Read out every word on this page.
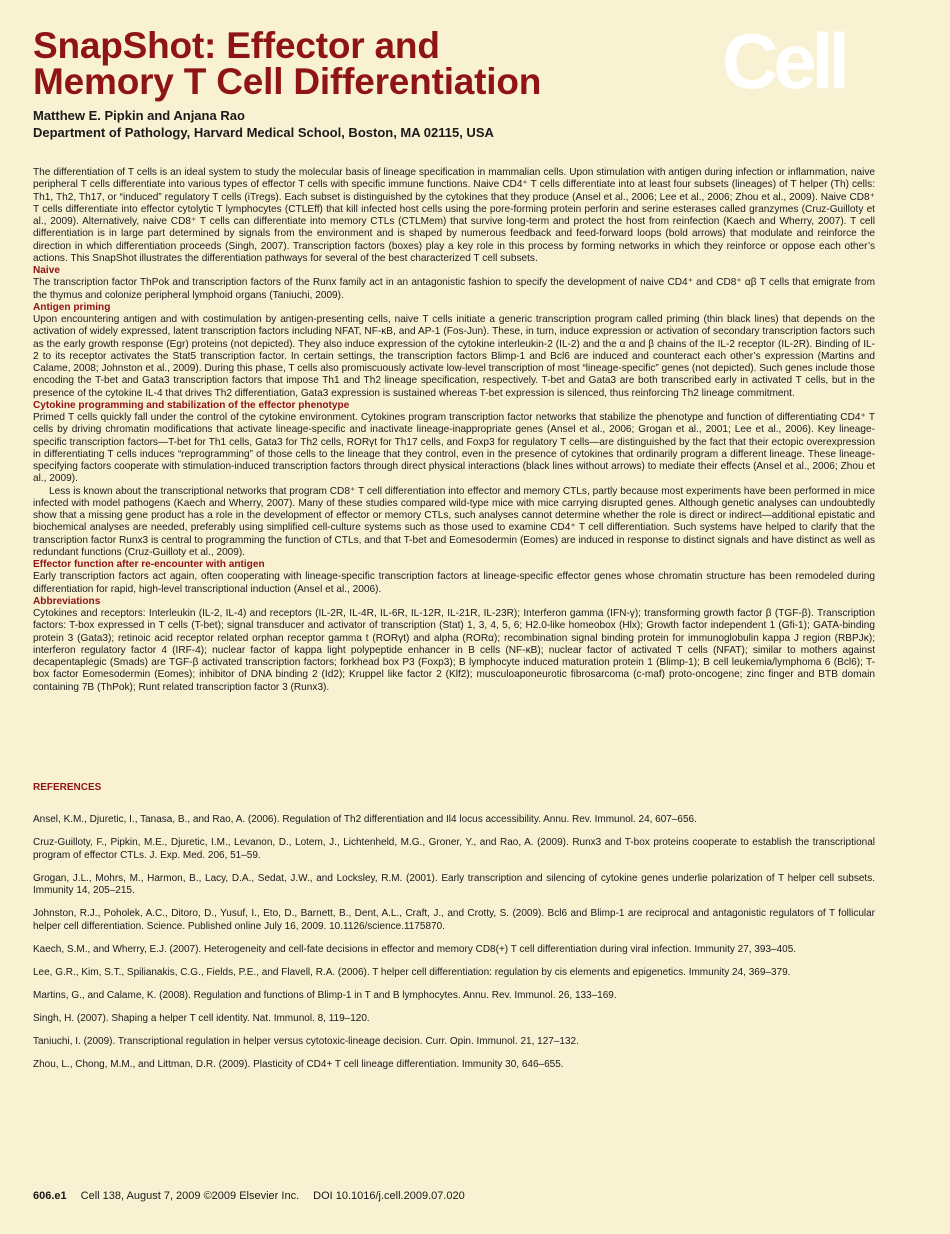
SnapShot: Effector and
Memory T Cell Differentiation Cell
Matthew E. Pipkin and Anjana Rao
Department of Pathology, Harvard Medical School, Boston, MA 02115, USA

The differentiation of T cells is an ideal system to study the molecular basis of lineage specification in mammalian cells. Upon stimulation with antigen during infection or inflammation, naive peripheral T cells differentiate into various types of effector T cells with specific immune functions. Naive CD4⁺ T cells differentiate into at least four subsets (lineages) of T helper (Th) cells: Th1, Th2, Th17, or “induced” regulatory T cells (iTregs). Each subset is distinguished by the cytokines that they produce (Ansel et al., 2006; Lee et al., 2006; Zhou et al., 2009). Naive CD8⁺ T cells differentiate into effector cytolytic T lymphocytes (CTLEff) that kill infected host cells using the pore-forming protein perforin and serine esterases called granzymes (Cruz-Guilloty et al., 2009). Alternatively, naive CD8⁺ T cells can differentiate into memory CTLs (CTLMem) that survive long-term and protect the host from reinfection (Kaech and Wherry, 2007). T cell differentiation is in large part determined by signals from the environment and is shaped by numerous feedback and feed-forward loops (bold arrows) that modulate and reinforce the direction in which differentiation proceeds (Singh, 2007). Transcription factors (boxes) play a key role in this process by forming networks in which they reinforce or oppose each other’s actions. This SnapShot illustrates the differentiation pathways for several of the best characterized T cell subsets.

Naive

The transcription factor ThPok and transcription factors of the Runx family act in an antagonistic fashion to specify the development of naive CD4⁺ and CD8⁺ αβ T cells that emigrate from the thymus and colonize peripheral lymphoid organs (Taniuchi, 2009).

Antigen priming

Upon encountering antigen and with costimulation by antigen-presenting cells, naive T cells initiate a generic transcription program called priming (thin black lines) that depends on the activation of widely expressed, latent transcription factors including NFAT, NF-κB, and AP-1 (Fos-Jun). These, in turn, induce expression or activation of secondary transcription factors such as the early growth response (Egr) proteins (not depicted). They also induce expression of the cytokine interleukin-2 (IL-2) and the α and β chains of the IL-2 receptor (IL-2R). Binding of IL-2 to its receptor activates the Stat5 transcription factor. In certain settings, the transcription factors Blimp-1 and Bcl6 are induced and counteract each other’s expression (Martins and Calame, 2008; Johnston et al., 2009). During this phase, T cells also promiscuously activate low-level transcription of most “lineage-specific” genes (not depicted). Such genes include those encoding the T-bet and Gata3 transcription factors that impose Th1 and Th2 lineage specification, respectively. T-bet and Gata3 are both transcribed early in activated T cells, but in the presence of the cytokine IL-4 that drives Th2 differentiation, Gata3 expression is sustained whereas T-bet expression is silenced, thus reinforcing Th2 lineage commitment.

Cytokine programming and stabilization of the effector phenotype

Primed T cells quickly fall under the control of the cytokine environment. Cytokines program transcription factor networks that stabilize the phenotype and function of differentiating CD4⁺ T cells by driving chromatin modifications that activate lineage-specific and inactivate lineage-inappropriate genes (Ansel et al., 2006; Grogan et al., 2001; Lee et al., 2006). Key lineage-specific transcription factors—T-bet for Th1 cells, Gata3 for Th2 cells, RORγt for Th17 cells, and Foxp3 for regulatory T cells—are distinguished by the fact that their ectopic overexpression in differentiating T cells induces “reprogramming” of those cells to the lineage that they control, even in the presence of cytokines that ordinarily program a different lineage. These lineage-specifying factors cooperate with stimulation-induced transcription factors through direct physical interactions (black lines without arrows) to mediate their effects (Ansel et al., 2006; Zhou et al., 2009).

Less is known about the transcriptional networks that program CD8⁺ T cell differentiation into effector and memory CTLs, partly because most experiments have been performed in mice infected with model pathogens (Kaech and Wherry, 2007). Many of these studies compared wild-type mice with mice carrying disrupted genes. Although genetic analyses can undoubtedly show that a missing gene product has a role in the development of effector or memory CTLs, such analyses cannot determine whether the role is direct or indirect—additional epistatic and biochemical analyses are needed, preferably using simplified cell-culture systems such as those used to examine CD4⁺ T cell differentiation. Such systems have helped to clarify that the transcription factor Runx3 is central to programming the function of CTLs, and that T-bet and Eomesodermin (Eomes) are induced in response to distinct signals and have distinct as well as redundant functions (Cruz-Guilloty et al., 2009).

Effector function after re-encounter with antigen

Early transcription factors act again, often cooperating with lineage-specific transcription factors at lineage-specific effector genes whose chromatin structure has been remodeled during differentiation for rapid, high-level transcriptional induction (Ansel et al., 2006).

Abbreviations

Cytokines and receptors: Interleukin (IL-2, IL-4) and receptors (IL-2R, IL-4R, IL-6R, IL-12R, IL-21R, IL-23R); Interferon gamma (IFN-γ); transforming growth factor β (TGF-β). Transcription factors: T-box expressed in T cells (T-bet); signal transducer and activator of transcription (Stat) 1, 3, 4, 5, 6; H2.0-like homeobox (Hlx); Growth factor independent 1 (Gfi-1); GATA-binding protein 3 (Gata3); retinoic acid receptor related orphan receptor gamma t (RORγt) and alpha (RORα); recombination signal binding protein for immunoglobulin kappa J region (RBPJκ); interferon regulatory factor 4 (IRF-4); nuclear factor of kappa light polypeptide enhancer in B cells (NF-κB); nuclear factor of activated T cells (NFAT); similar to mothers against decapentaplegic (Smads) are TGF-β activated transcription factors; forkhead box P3 (Foxp3); B lymphocyte induced maturation protein 1 (Blimp-1); B cell leukemia/lymphoma 6 (Bcl6); T-box factor Eomesodermin (Eomes); inhibitor of DNA binding 2 (Id2); Kruppel like factor 2 (Klf2); musculoaponeurotic fibrosarcoma (c-maf) proto-oncogene; zinc finger and BTB domain containing 7B (ThPok); Runt related transcription factor 3 (Runx3).

REFERENCES

Ansel, K.M., Djuretic, I., Tanasa, B., and Rao, A. (2006). Regulation of Th2 differentiation and Il4 locus accessibility. Annu. Rev. Immunol. 24, 607–656.

Cruz-Guilloty, F., Pipkin, M.E., Djuretic, I.M., Levanon, D., Lotem, J., Lichtenheld, M.G., Groner, Y., and Rao, A. (2009). Runx3 and T-box proteins cooperate to establish the transcriptional program of effector CTLs. J. Exp. Med. 206, 51–59.

Grogan, J.L., Mohrs, M., Harmon, B., Lacy, D.A., Sedat, J.W., and Locksley, R.M. (2001). Early transcription and silencing of cytokine genes underlie polarization of T helper cell subsets. Immunity 14, 205–215.

Johnston, R.J., Poholek, A.C., Ditoro, D., Yusuf, I., Eto, D., Barnett, B., Dent, A.L., Craft, J., and Crotty, S. (2009). Bcl6 and Blimp-1 are reciprocal and antagonistic regulators of T follicular helper cell differentiation. Science. Published online July 16, 2009. 10.1126/science.1175870.

Kaech, S.M., and Wherry, E.J. (2007). Heterogeneity and cell-fate decisions in effector and memory CD8(+) T cell differentiation during viral infection. Immunity 27, 393–405.

Lee, G.R., Kim, S.T., Spilianakis, C.G., Fields, P.E., and Flavell, R.A. (2006). T helper cell differentiation: regulation by cis elements and epigenetics. Immunity 24, 369–379.

Martins, G., and Calame, K. (2008). Regulation and functions of Blimp-1 in T and B lymphocytes. Annu. Rev. Immunol. 26, 133–169.

Singh, H. (2007). Shaping a helper T cell identity. Nat. Immunol. 8, 119–120.

Taniuchi, I. (2009). Transcriptional regulation in helper versus cytotoxic-lineage decision. Curr. Opin. Immunol. 21, 127–132.

Zhou, L., Chong, M.M., and Littman, D.R. (2009). Plasticity of CD4+ T cell lineage differentiation. Immunity 30, 646–655.

606.e1 Cell 138, August 7, 2009 ©2009 Elsevier Inc. DOI 10.1016/j.cell.2009.07.020
